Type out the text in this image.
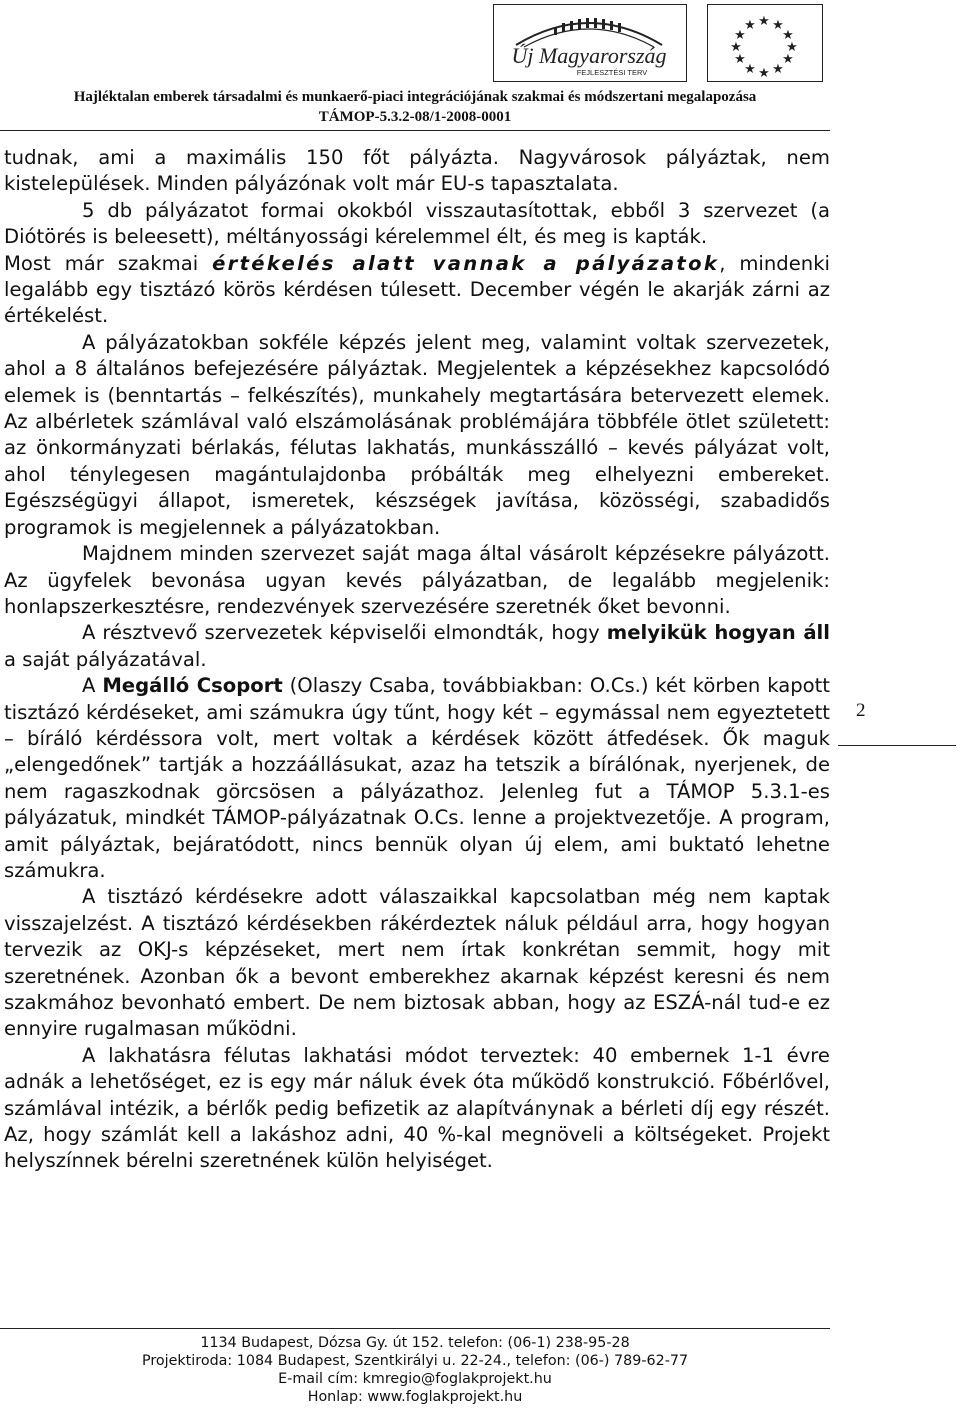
Új Magyarország
FEJLESZTÉSI TERV
★ ★
★
★
★
★
★
★
★
★
★
★
Hajléktalan emberek társadalmi és munkaerő-piaci integrációjának szakmai és módszertani megalapozása
TÁMOP-5.3.2-08/1-2008-0001

tudnak, ami a maximális 150 főt pályázta. Nagyvárosok pályáztak, nem kistelepülések. Minden pályázónak volt már EU-s tapasztalata.

5 db pályázatot formai okokból visszautasítottak, ebből 3 szervezet (a Diótörés is beleesett), méltányossági kérelemmel élt, és meg is kapták.

Most már szakmai értékelés alatt vannak a pályázatok, mindenki legalább egy tisztázó körös kérdésen túlesett. December végén le akarják zárni az értékelést.

A pályázatokban sokféle képzés jelent meg, valamint voltak szervezetek, ahol a 8 általános befejezésére pályáztak. Megjelentek a képzésekhez kapcsolódó elemek is (benntartás – felkészítés), munkahely megtartására betervezett elemek. Az albérletek számlával való elszámolásának problémájára többféle ötlet született: az önkormányzati bérlakás, félutas lakhatás, munkásszálló – kevés pályázat volt, ahol ténylegesen magántulajdonba próbálták meg elhelyezni embereket. Egészségügyi állapot, ismeretek, készségek javítása, közösségi, szabadidős programok is megjelennek a pályázatokban.

Majdnem minden szervezet saját maga által vásárolt képzésekre pályázott. Az ügyfelek bevonása ugyan kevés pályázatban, de legalább megjelenik: honlapszerkesztésre, rendezvények szervezésére szeretnék őket bevonni.

A résztvevő szervezetek képviselői elmondták, hogy melyikük hogyan áll a saját pályázatával.

A Megálló Csoport (Olaszy Csaba, továbbiakban: O.Cs.) két körben kapott tisztázó kérdéseket, ami számukra úgy tűnt, hogy két – egymással nem egyeztetett – bíráló kérdéssora volt, mert voltak a kérdések között átfedések. Ők maguk „elengedőnek” tartják a hozzáállásukat, azaz ha tetszik a bírálónak, nyerjenek, de nem ragaszkodnak görcsösen a pályázathoz. Jelenleg fut a TÁMOP 5.3.1-es pályázatuk, mindkét TÁMOP-pályázatnak O.Cs. lenne a projektvezetője. A program, amit pályáztak, bejáratódott, nincs bennük olyan új elem, ami buktató lehetne számukra.

A tisztázó kérdésekre adott válaszaikkal kapcsolatban még nem kaptak visszajelzést. A tisztázó kérdésekben rákérdeztek náluk például arra, hogy hogyan tervezik az OKJ-s képzéseket, mert nem írtak konkrétan semmit, hogy mit szeretnének. Azonban ők a bevont emberekhez akarnak képzést keresni és nem szakmához bevonható embert. De nem biztosak abban, hogy az ESZÁ-nál tud-e ez ennyire rugalmasan működni.

A lakhatásra félutas lakhatási módot terveztek: 40 embernek 1-1 évre adnák a lehetőséget, ez is egy már náluk évek óta működő konstrukció. Főbérlővel, számlával intézik, a bérlők pedig befizetik az alapítványnak a bérleti díj egy részét. Az, hogy számlát kell a lakáshoz adni, 40 %-kal megnöveli a költségeket. Projekt helyszínnek bérelni szeretnének külön helyiséget.

2
1134 Budapest, Dózsa Gy. út 152. telefon: (06-1) 238-95-28
Projektiroda: 1084 Budapest, Szentkirályi u. 22-24., telefon: (06-) 789-62-77
E-mail cím: kmregio@foglakprojekt.hu
Honlap: www.foglakprojekt.hu
